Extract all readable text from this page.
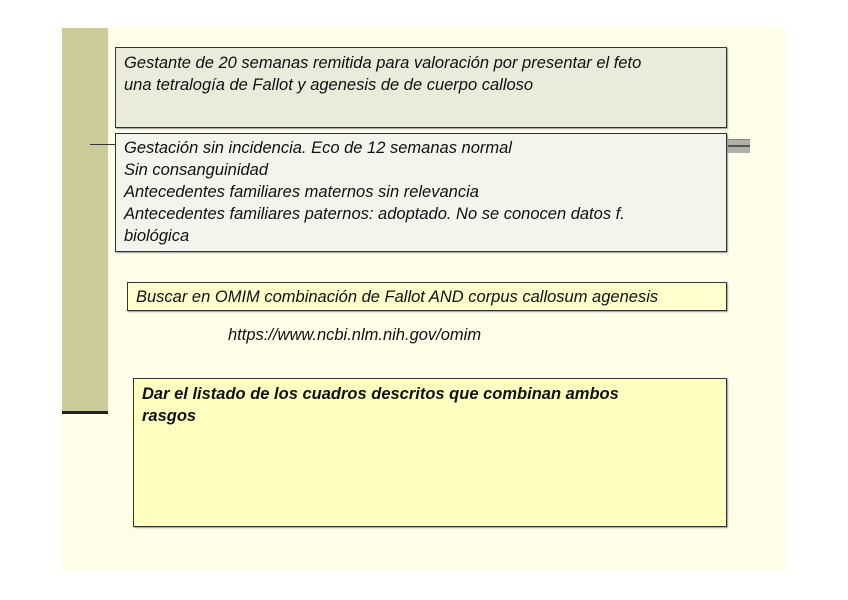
Gestante de 20 semanas remitida para valoración por presentar el feto
una tetralogía de Fallot y agenesis de de cuerpo calloso
Gestación sin incidencia. Eco de 12 semanas normal
Sin consanguinidad
Antecedentes familiares maternos sin relevancia
Antecedentes familiares paternos: adoptado. No se conocen datos f.
biológica
Buscar en OMIM combinación de Fallot AND corpus callosum agenesis
https://www.ncbi.nlm.nih.gov/omim
Dar el listado de los cuadros descritos que combinan ambos
rasgos
